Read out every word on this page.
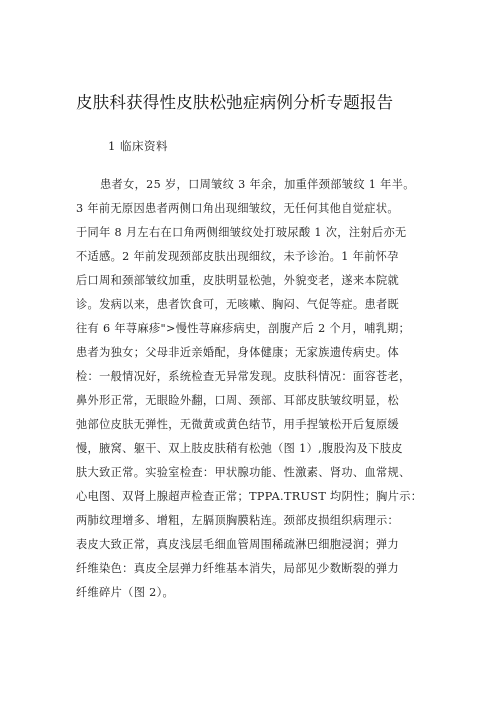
皮肤科获得性皮肤松弛症病例分析专题报告
1 临床资料
患者女，25 岁，口周皱纹 3 年余，加重伴颈部皱纹 1 年半。
3 年前无原因患者两侧口角出现细皱纹，无任何其他自觉症状。
于同年 8 月左右在口角两侧细皱纹处打玻尿酸 1 次，注射后亦无
不适感。2 年前发现颈部皮肤出现细纹，未予诊治。1 年前怀孕
后口周和颈部皱纹加重，皮肤明显松弛，外貌变老，遂来本院就
诊。发病以来，患者饮食可，无咳嗽、胸闷、气促等症。患者既
往有 6 年荨麻疹">慢性荨麻疹病史，剖腹产后 2 个月，哺乳期；
患者为独女；父母非近亲婚配，身体健康；无家族遗传病史。体
检：一般情况好，系统检查无异常发现。皮肤科情况：面容苍老，
鼻外形正常，无眼睑外翻，口周、颈部、耳部皮肤皱纹明显，松
弛部位皮肤无弹性，无微黄或黄色结节，用手捏皱松开后复原缓
慢，腋窝、躯干、双上肢皮肤稍有松弛（图 1）,腹股沟及下肢皮
肤大致正常。实验室检查：甲状腺功能、性激素、肾功、血常规、
心电图、双肾上腺超声检查正常；TPPA.TRUST 均阴性；胸片示：
两肺纹理增多、增粗，左膈顶胸膜粘连。颈部皮损组织病理示：
表皮大致正常，真皮浅层毛细血管周围稀疏淋巴细胞浸润；弹力
纤维染色：真皮全层弹力纤维基本消失，局部见少数断裂的弹力
纤维碎片（图 2）。
